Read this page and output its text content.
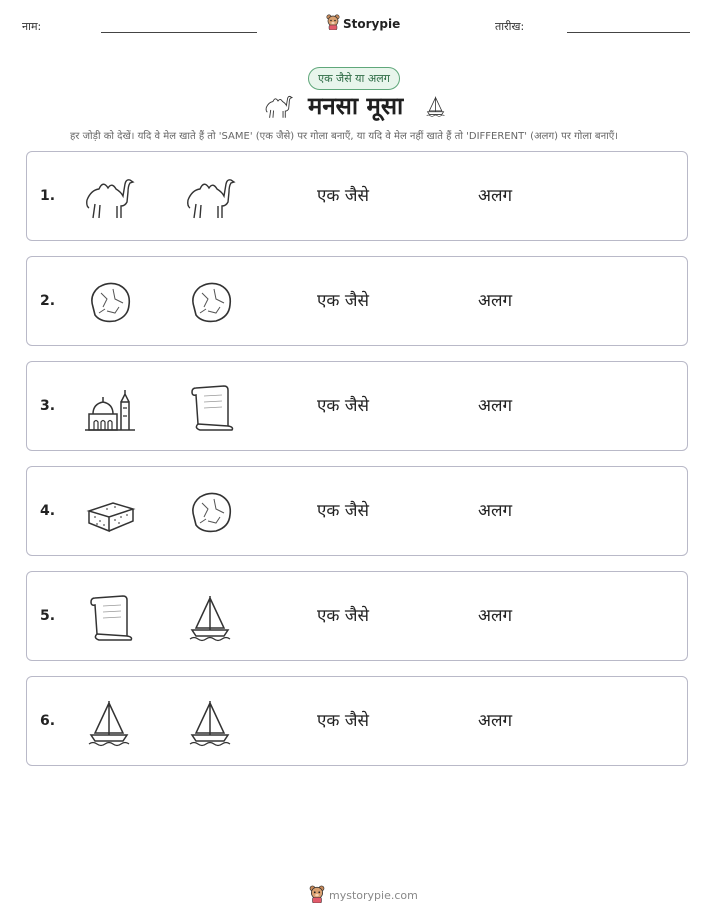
नाम:	Storypie	तारीख:
एक जैसे या अलग
मनसा मूसा
हर जोड़ी को देखें। यदि वे मेल खाते हैं तो 'SAME' (एक जैसे) पर गोला बनाएँ, या यदि वे मेल नहीं खाते हैं तो 'DIFFERENT' (अलग) पर गोला बनाएँ।
1.	एक जैसे	अलग
2.	एक जैसे	अलग
3.	एक जैसे	अलग
4.	एक जैसे	अलग
5.	एक जैसे	अलग
6.	एक जैसे	अलग
mystorypie.com
